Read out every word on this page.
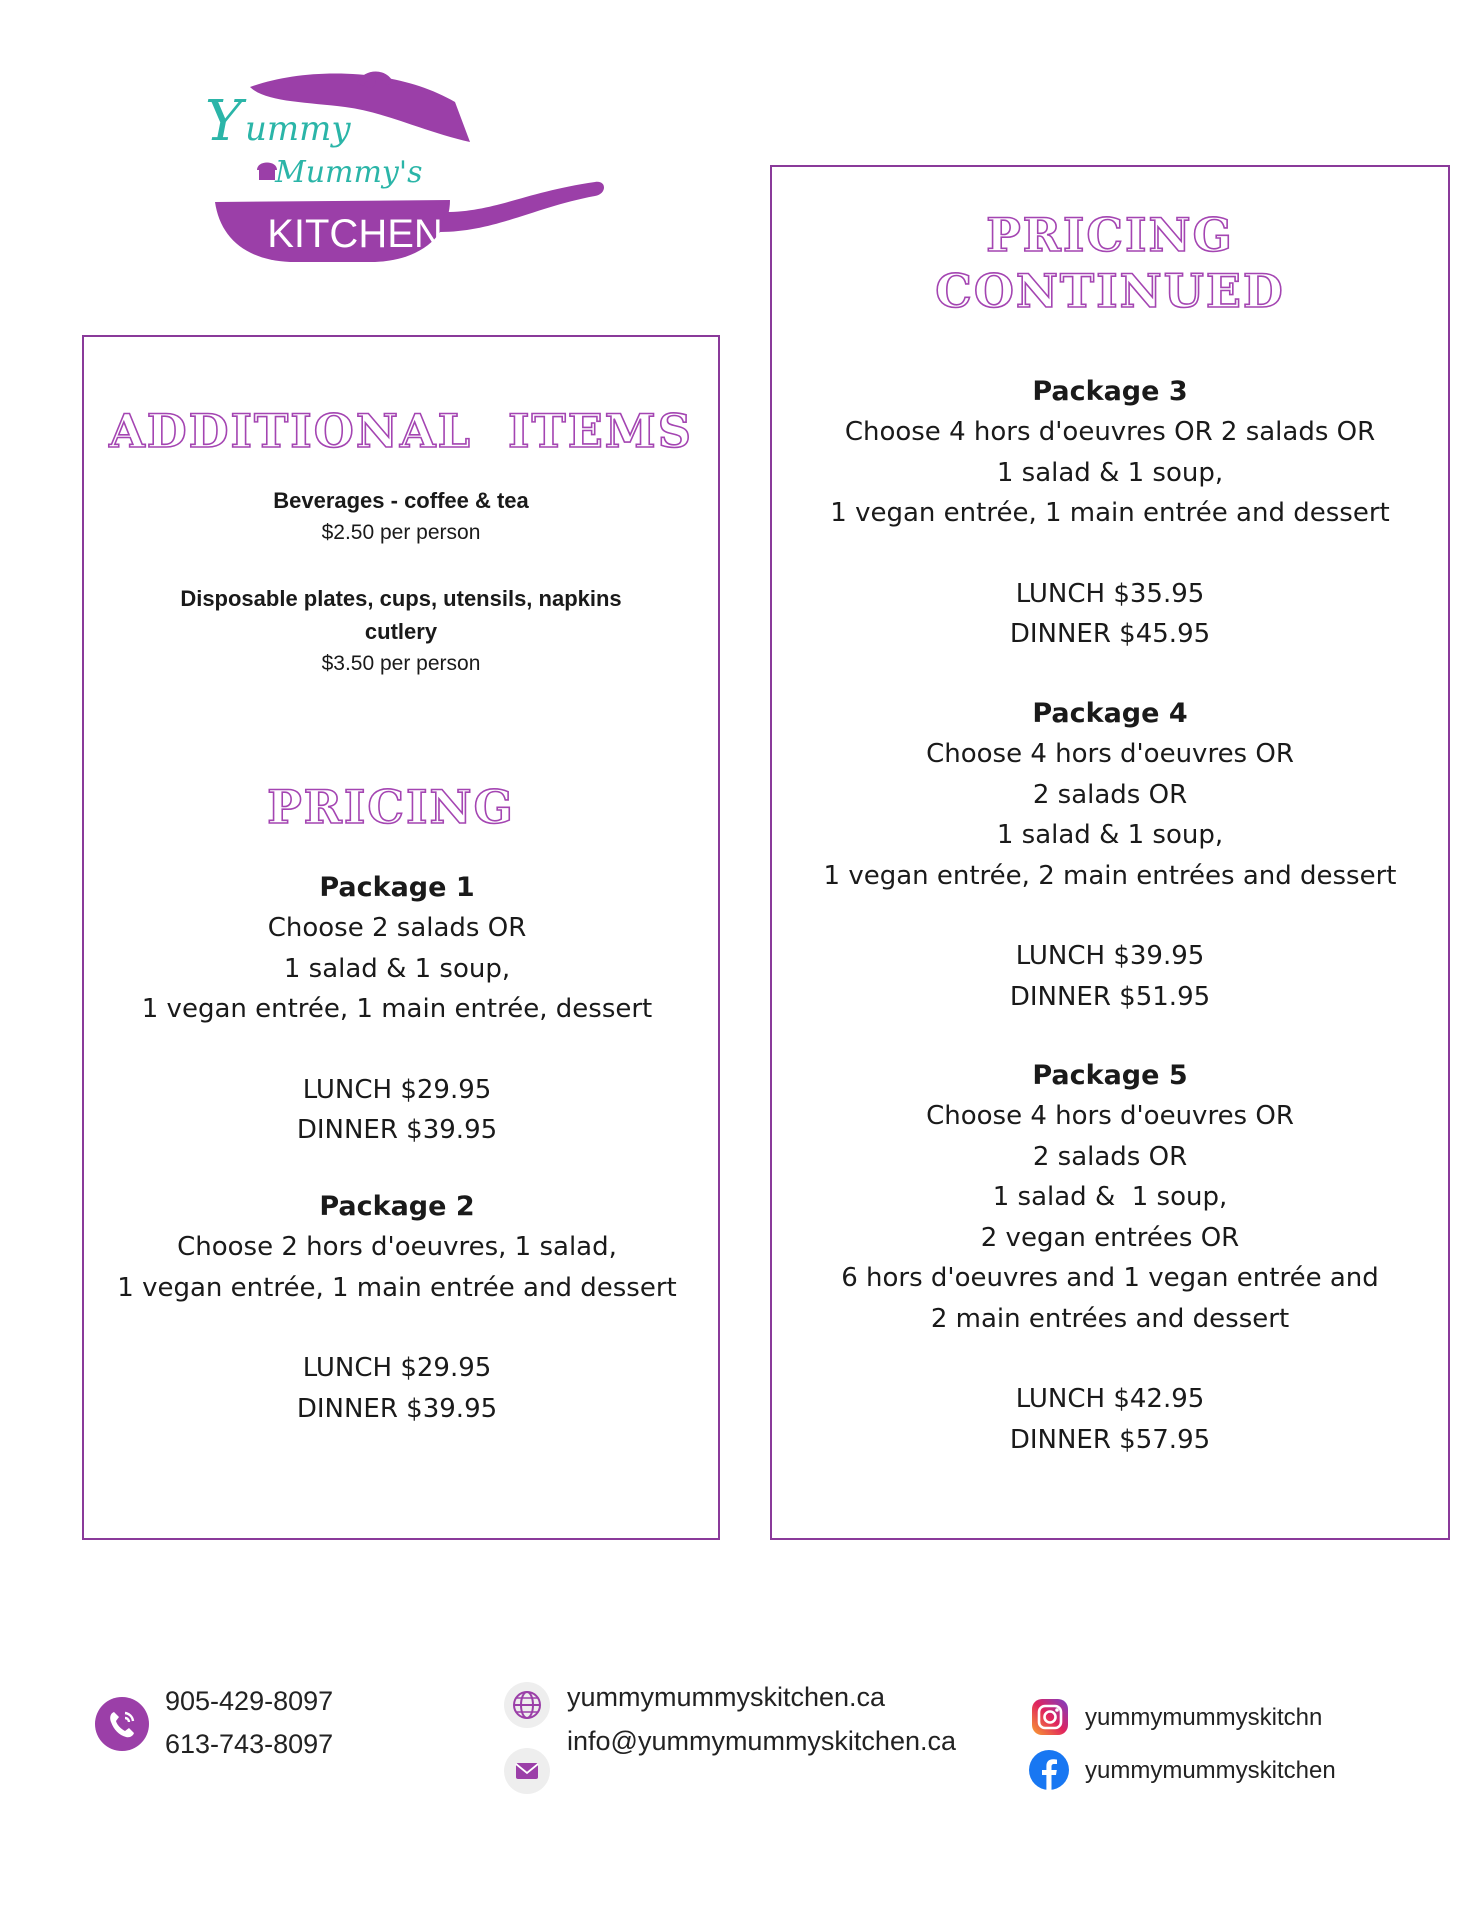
Y ummy
Mummy's
KITCHEN
ADDITIONAL  ITEMS
Beverages - coffee & tea
$2.50 per person
Disposable plates, cups, utensils, napkins
cutlery
$3.50 per person
PRICING
Package 1
Choose 2 salads OR
1 salad & 1 soup,
1 vegan entrée, 1 main entrée, dessert
LUNCH $29.95
DINNER $39.95
Package 2
Choose 2 hors d'oeuvres, 1 salad,
1 vegan entrée, 1 main entrée and dessert
LUNCH $29.95
DINNER $39.95
PRICING
CONTINUED
Package 3
Choose 4 hors d'oeuvres OR 2 salads OR
1 salad & 1 soup,
1 vegan entrée, 1 main entrée and dessert
LUNCH $35.95
DINNER $45.95
Package 4
Choose 4 hors d'oeuvres OR
2 salads OR
1 salad & 1 soup,
1 vegan entrée, 2 main entrées and dessert
LUNCH $39.95
DINNER $51.95
Package 5
Choose 4 hors d'oeuvres OR
2 salads OR
1 salad &  1 soup,
2 vegan entrées OR
6 hors d'oeuvres and 1 vegan entrée and
2 main entrées and dessert
LUNCH $42.95
DINNER $57.95
905-429-8097
613-743-8097
yummymummyskitchen.ca
info@yummymummyskitchen.ca
yummymummyskitchn
yummymummyskitchen
